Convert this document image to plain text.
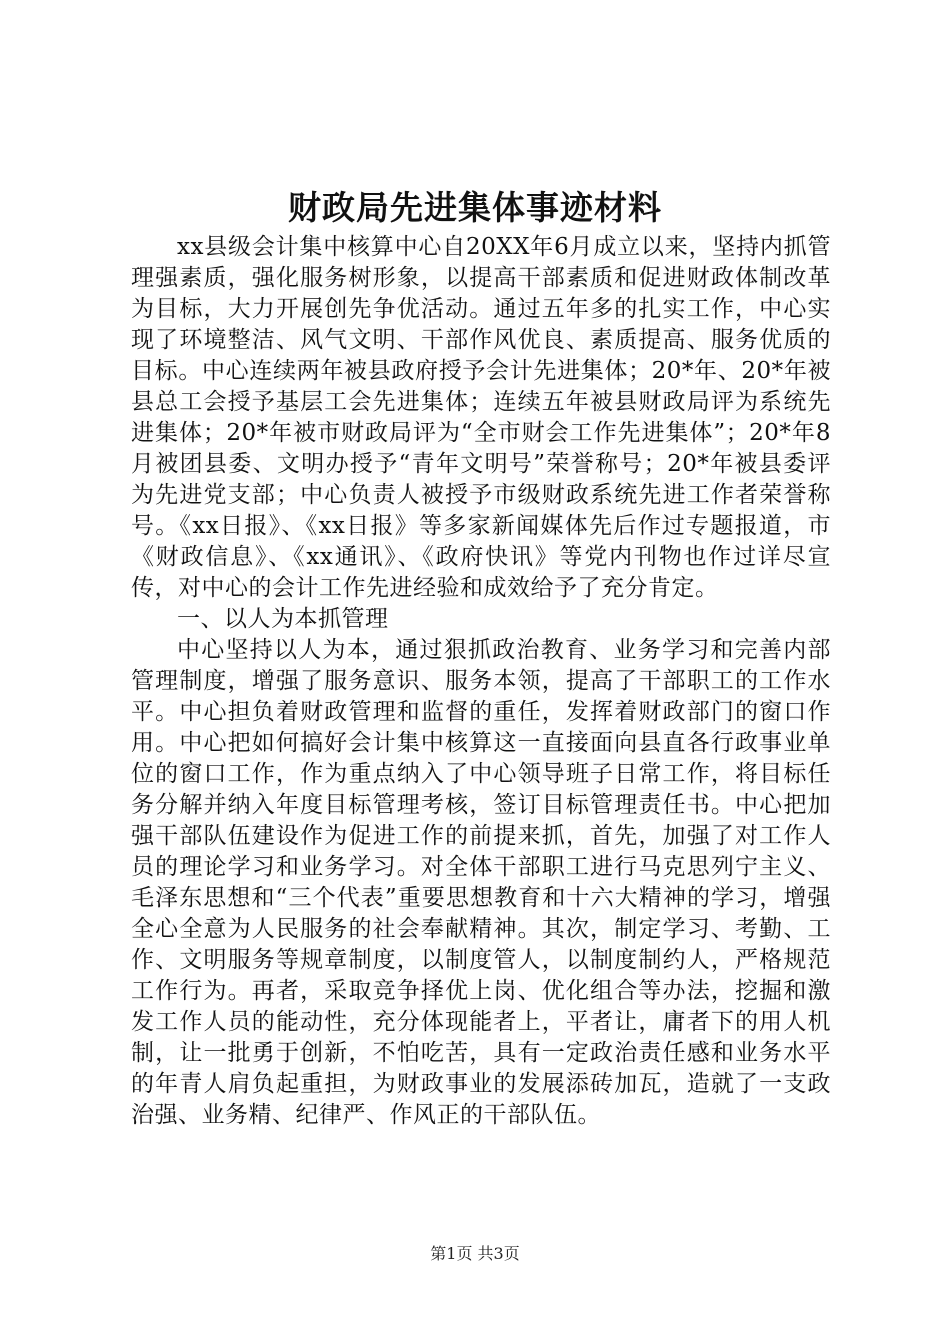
财政局先进集体事迹材料

xx县级会计集中核算中心自20XX年6月成立以来，坚持内抓管理强素质，强化服务树形象，以提高干部素质和促进财政体制改革为目标，大力开展创先争优活动。通过五年多的扎实工作，中心实现了环境整洁、风气文明、干部作风优良、素质提高、服务优质的目标。中心连续两年被县政府授予会计先进集体；20*年、20*年被县总工会授予基层工会先进集体；连续五年被县财政局评为系统先进集体；20*年被市财政局评为“全市财会工作先进集体”；20*年8月被团县委、文明办授予“青年文明号”荣誉称号；20*年被县委评为先进党支部；中心负责人被授予市级财政系统先进工作者荣誉称号。《xx日报》、《xx日报》等多家新闻媒体先后作过专题报道，市《财政信息》、《xx通讯》、《政府快讯》等党内刊物也作过详尽宣传，对中心的会计工作先进经验和成效给予了充分肯定。

一、以人为本抓管理

中心坚持以人为本，通过狠抓政治教育、业务学习和完善内部管理制度，增强了服务意识、服务本领，提高了干部职工的工作水平。中心担负着财政管理和监督的重任，发挥着财政部门的窗口作用。中心把如何搞好会计集中核算这一直接面向县直各行政事业单位的窗口工作，作为重点纳入了中心领导班子日常工作，将目标任务分解并纳入年度目标管理考核，签订目标管理责任书。中心把加强干部队伍建设作为促进工作的前提来抓，首先，加强了对工作人员的理论学习和业务学习。对全体干部职工进行马克思列宁主义、毛泽东思想和“三个代表”重要思想教育和十六大精神的学习，增强全心全意为人民服务的社会奉献精神。其次，制定学习、考勤、工作、文明服务等规章制度，以制度管人，以制度制约人，严格规范工作行为。再者，采取竞争择优上岗、优化组合等办法，挖掘和激发工作人员的能动性，充分体现能者上，平者让，庸者下的用人机制，让一批勇于创新，不怕吃苦，具有一定政治责任感和业务水平的年青人肩负起重担，为财政事业的发展添砖加瓦，造就了一支政治强、业务精、纪律严、作风正的干部队伍。

第1页 共3页
